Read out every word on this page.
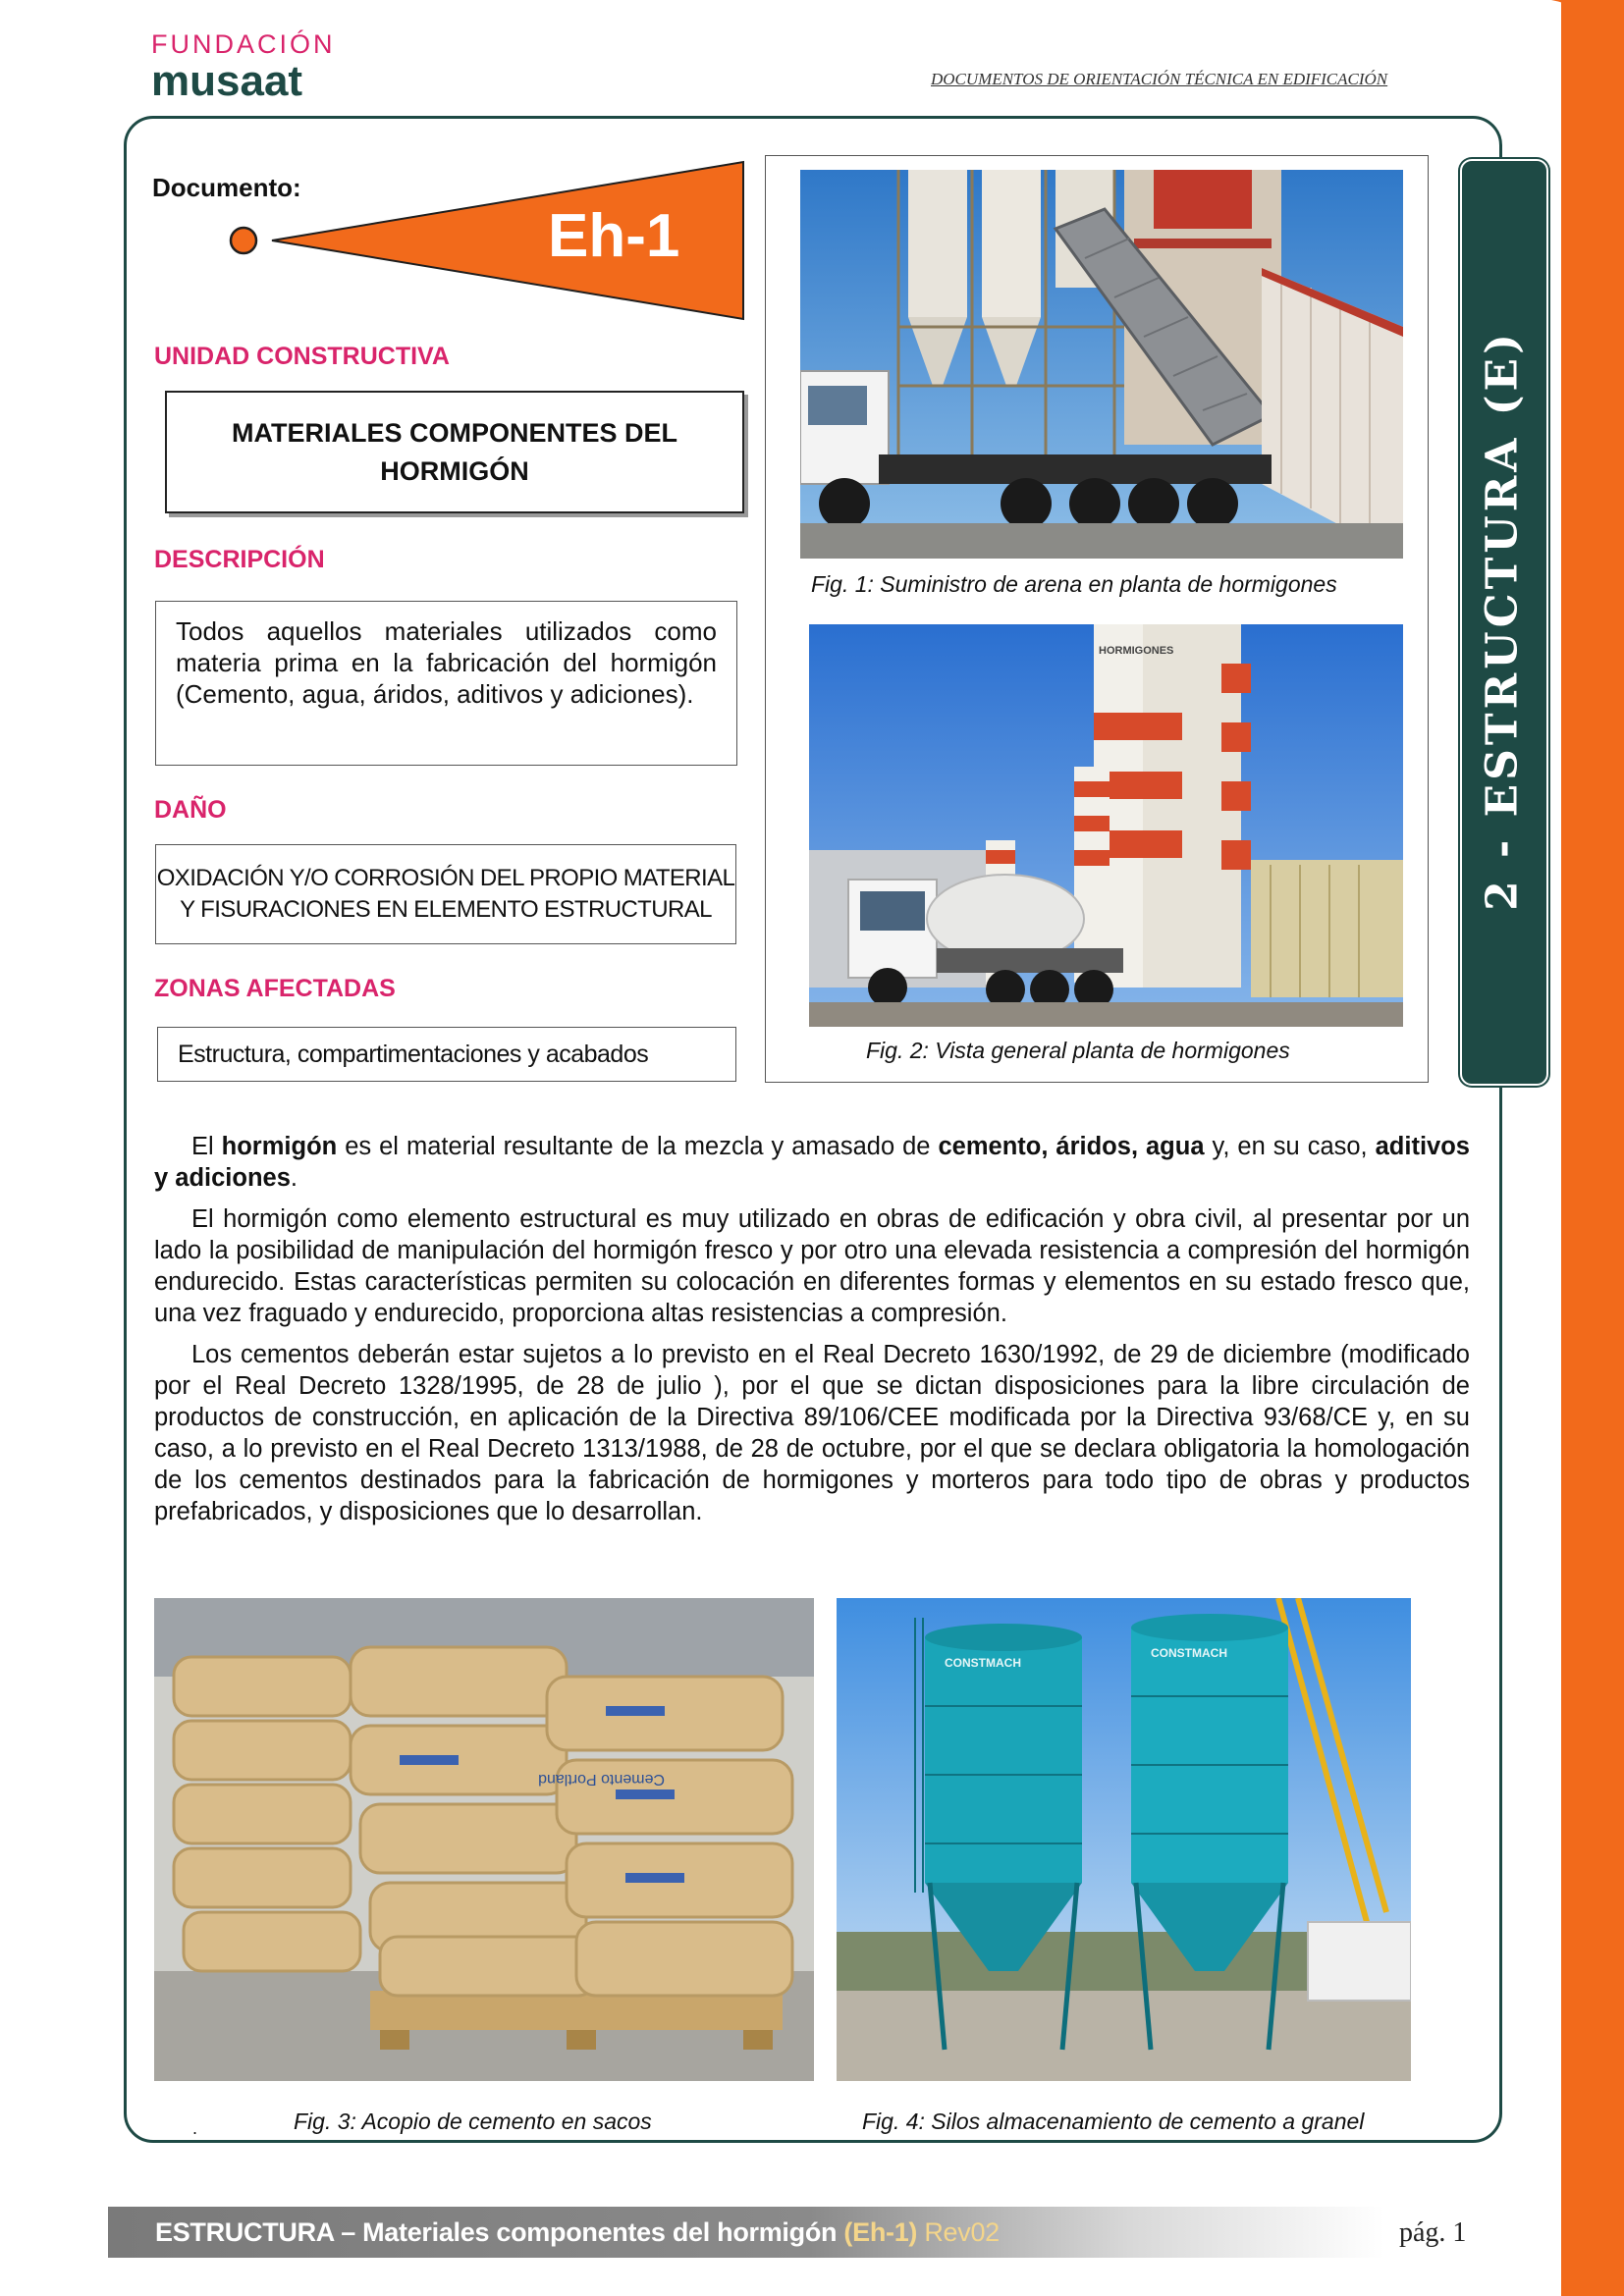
FUNDACIÓN
musaat	DOCUMENTOS DE ORIENTACIÓN TÉCNICA EN EDIFICACIÓN
2 - ESTRUCTURA (E)
Documento:
Eh-1
UNIDAD CONSTRUCTIVA
MATERIALES COMPONENTES DEL HORMIGÓN
DESCRIPCIÓN
Todos aquellos materiales utilizados como materia prima en la fabricación del hormigón (Cemento, agua, áridos, aditivos y adiciones).
DAÑO
OXIDACIÓN Y/O CORROSIÓN DEL PROPIO MATERIAL
Y FISURACIONES EN ELEMENTO ESTRUCTURAL
ZONAS AFECTADAS
Estructura, compartimentaciones y acabados
Fig. 1: Suministro de arena en planta de hormigones
HORMIGONES
Fig. 2: Vista general planta de hormigones

El hormigón es el material resultante de la mezcla y amasado de cemento, áridos, agua y, en su caso, aditivos y adiciones.

El hormigón como elemento estructural es muy utilizado en obras de edificación y obra civil, al presentar por un lado la posibilidad de manipulación del hormigón fresco y por otro una elevada resistencia a compresión del hormigón endurecido. Estas características permiten su colocación en diferentes formas y elementos en su estado fresco que, una vez fraguado y endurecido, proporciona altas resistencias a compresión.

Los cementos deberán estar sujetos a lo previsto en el Real Decreto 1630/1992, de 29 de diciembre (modificado por el Real Decreto 1328/1995, de 28 de julio ), por el que se dictan disposiciones para la libre circulación de productos de construcción, en aplicación de la Directiva 89/106/CEE modificada por la Directiva 93/68/CE y, en su caso, a lo previsto en el Real Decreto 1313/1988, de 28 de octubre, por el que se declara obligatoria la homologación de los cementos destinados para la fabricación de hormigones y morteros para todo tipo de obras y productos prefabricados, y disposiciones que lo desarrollan.

Cemento Portland
Fig. 3: Acopio de cemento en sacos
CONSTMACH
CONSTMACH
Fig. 4: Silos almacenamiento de cemento a granel
.
ESTRUCTURA – Materiales componentes del hormigón (Eh-1) Rev02	pág. 1
